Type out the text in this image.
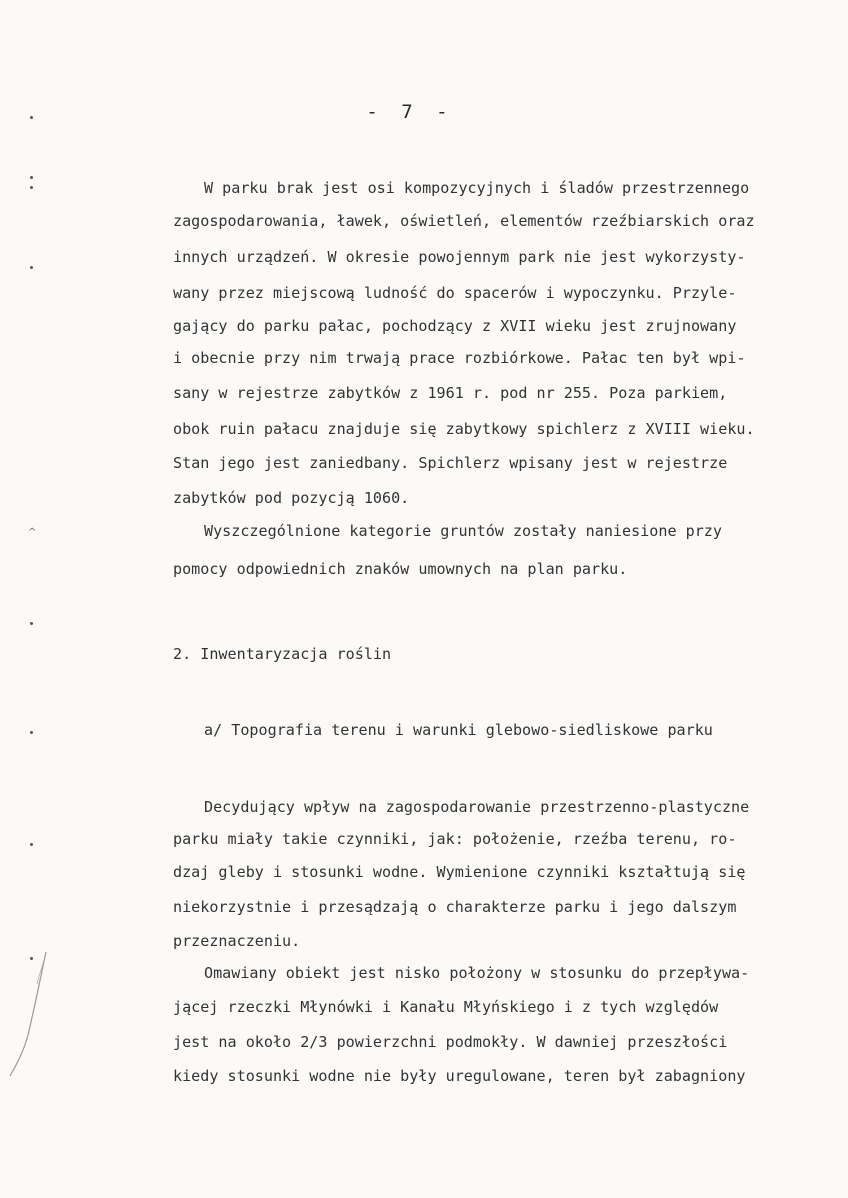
- 7 -
W parku brak jest osi kompozycyjnych i śladów przestrzennego
zagospodarowania, ławek, oświetleń, elementów rzeźbiarskich oraz
innych urządzeń. W okresie powojennym park nie jest wykorzysty-
wany przez miejscową ludność do spacerów i wypoczynku. Przyle-
gający do parku pałac, pochodzący z XVII wieku jest zrujnowany
i obecnie przy nim trwają prace rozbiórkowe. Pałac ten był wpi-
sany w rejestrze zabytków z 1961 r. pod nr 255. Poza parkiem,
obok ruin pałacu znajduje się zabytkowy spichlerz z XVIII wieku.
Stan jego jest zaniedbany. Spichlerz wpisany jest w rejestrze
zabytków pod pozycją 1060.
Wyszczególnione kategorie gruntów zostały naniesione przy
pomocy odpowiednich znaków umownych na plan parku.
2. Inwentaryzacja roślin
a/ Topografia terenu i warunki glebowo-siedliskowe parku
Decydujący wpływ na zagospodarowanie przestrzenno-plastyczne
parku miały takie czynniki, jak: położenie, rzeźba terenu, ro-
dzaj gleby i stosunki wodne. Wymienione czynniki kształtują się
niekorzystnie i przesądzają o charakterze parku i jego dalszym
przeznaczeniu.
Omawiany obiekt jest nisko położony w stosunku do przepływa-
jącej rzeczki Młynówki i Kanału Młyńskiego i z tych względów
jest na około 2/3 powierzchni podmokły. W dawniej przeszłości
kiedy stosunki wodne nie były uregulowane, teren był zabagniony
^
